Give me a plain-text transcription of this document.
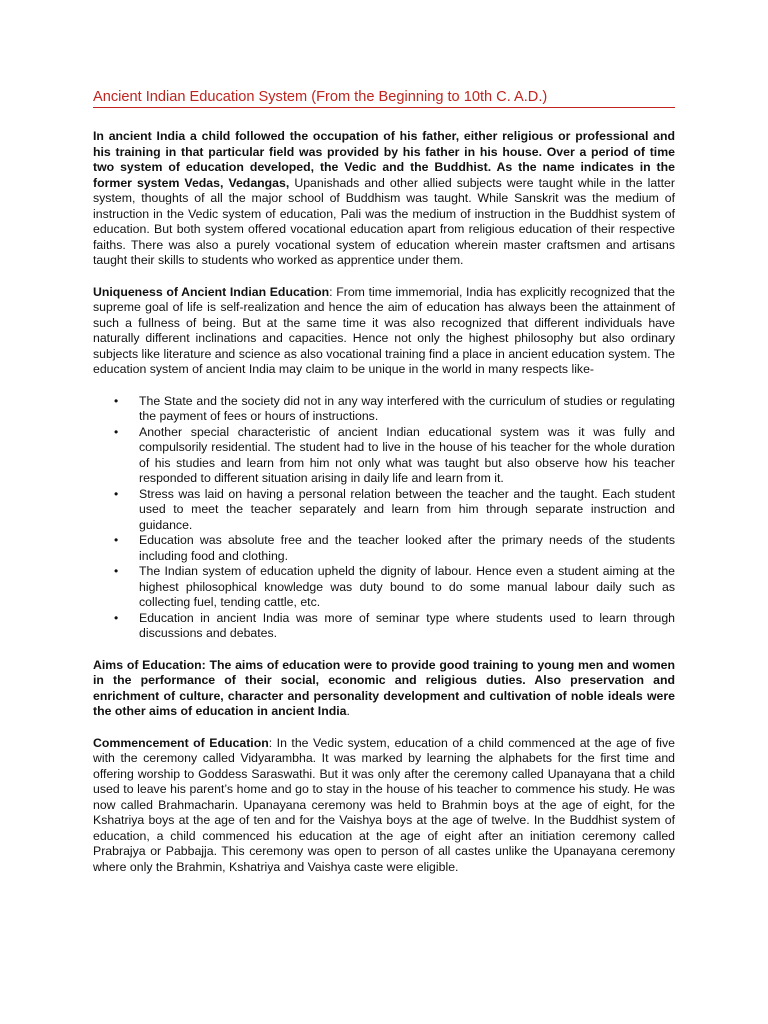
Ancient Indian Education System (From the Beginning to 10th C. A.D.)

In ancient India a child followed the occupation of his father, either religious or professional and his training in that particular field was provided by his father in his house. Over a period of time two system of education developed, the Vedic and the Buddhist. As the name indicates in the former system Vedas, Vedangas, Upanishads and other allied subjects were taught while in the latter system, thoughts of all the major school of Buddhism was taught. While Sanskrit was the medium of instruction in the Vedic system of education, Pali was the medium of instruction in the Buddhist system of education. But both system offered vocational education apart from religious education of their respective faiths. There was also a purely vocational system of education wherein master craftsmen and artisans taught their skills to students who worked as apprentice under them.

Uniqueness of Ancient Indian Education: From time immemorial, India has explicitly recognized that the supreme goal of life is self-realization and hence the aim of education has always been the attainment of such a fullness of being. But at the same time it was also recognized that different individuals have naturally different inclinations and capacities. Hence not only the highest philosophy but also ordinary subjects like literature and science as also vocational training find a place in ancient education system. The education system of ancient India may claim to be unique in the world in many respects like-

• The State and the society did not in any way interfered with the curriculum of studies or regulating the payment of fees or hours of instructions.
• Another special characteristic of ancient Indian educational system was it was fully and compulsorily residential. The student had to live in the house of his teacher for the whole duration of his studies and learn from him not only what was taught but also observe how his teacher responded to different situation arising in daily life and learn from it.
• Stress was laid on having a personal relation between the teacher and the taught. Each student used to meet the teacher separately and learn from him through separate instruction and guidance.
• Education was absolute free and the teacher looked after the primary needs of the students including food and clothing.
• The Indian system of education upheld the dignity of labour. Hence even a student aiming at the highest philosophical knowledge was duty bound to do some manual labour daily such as collecting fuel, tending cattle, etc.
• Education in ancient India was more of seminar type where students used to learn through discussions and debates.

Aims of Education: The aims of education were to provide good training to young men and women in the performance of their social, economic and religious duties. Also preservation and enrichment of culture, character and personality development and cultivation of noble ideals were the other aims of education in ancient India.

Commencement of Education: In the Vedic system, education of a child commenced at the age of five with the ceremony called Vidyarambha. It was marked by learning the alphabets for the first time and offering worship to Goddess Saraswathi. But it was only after the ceremony called Upanayana that a child used to leave his parent’s home and go to stay in the house of his teacher to commence his study. He was now called Brahmacharin. Upanayana ceremony was held to Brahmin boys at the age of eight, for the Kshatriya boys at the age of ten and for the Vaishya boys at the age of twelve. In the Buddhist system of education, a child commenced his education at the age of eight after an initiation ceremony called Prabrajya or Pabbajja. This ceremony was open to person of all castes unlike the Upanayana ceremony where only the Brahmin, Kshatriya and Vaishya caste were eligible.
